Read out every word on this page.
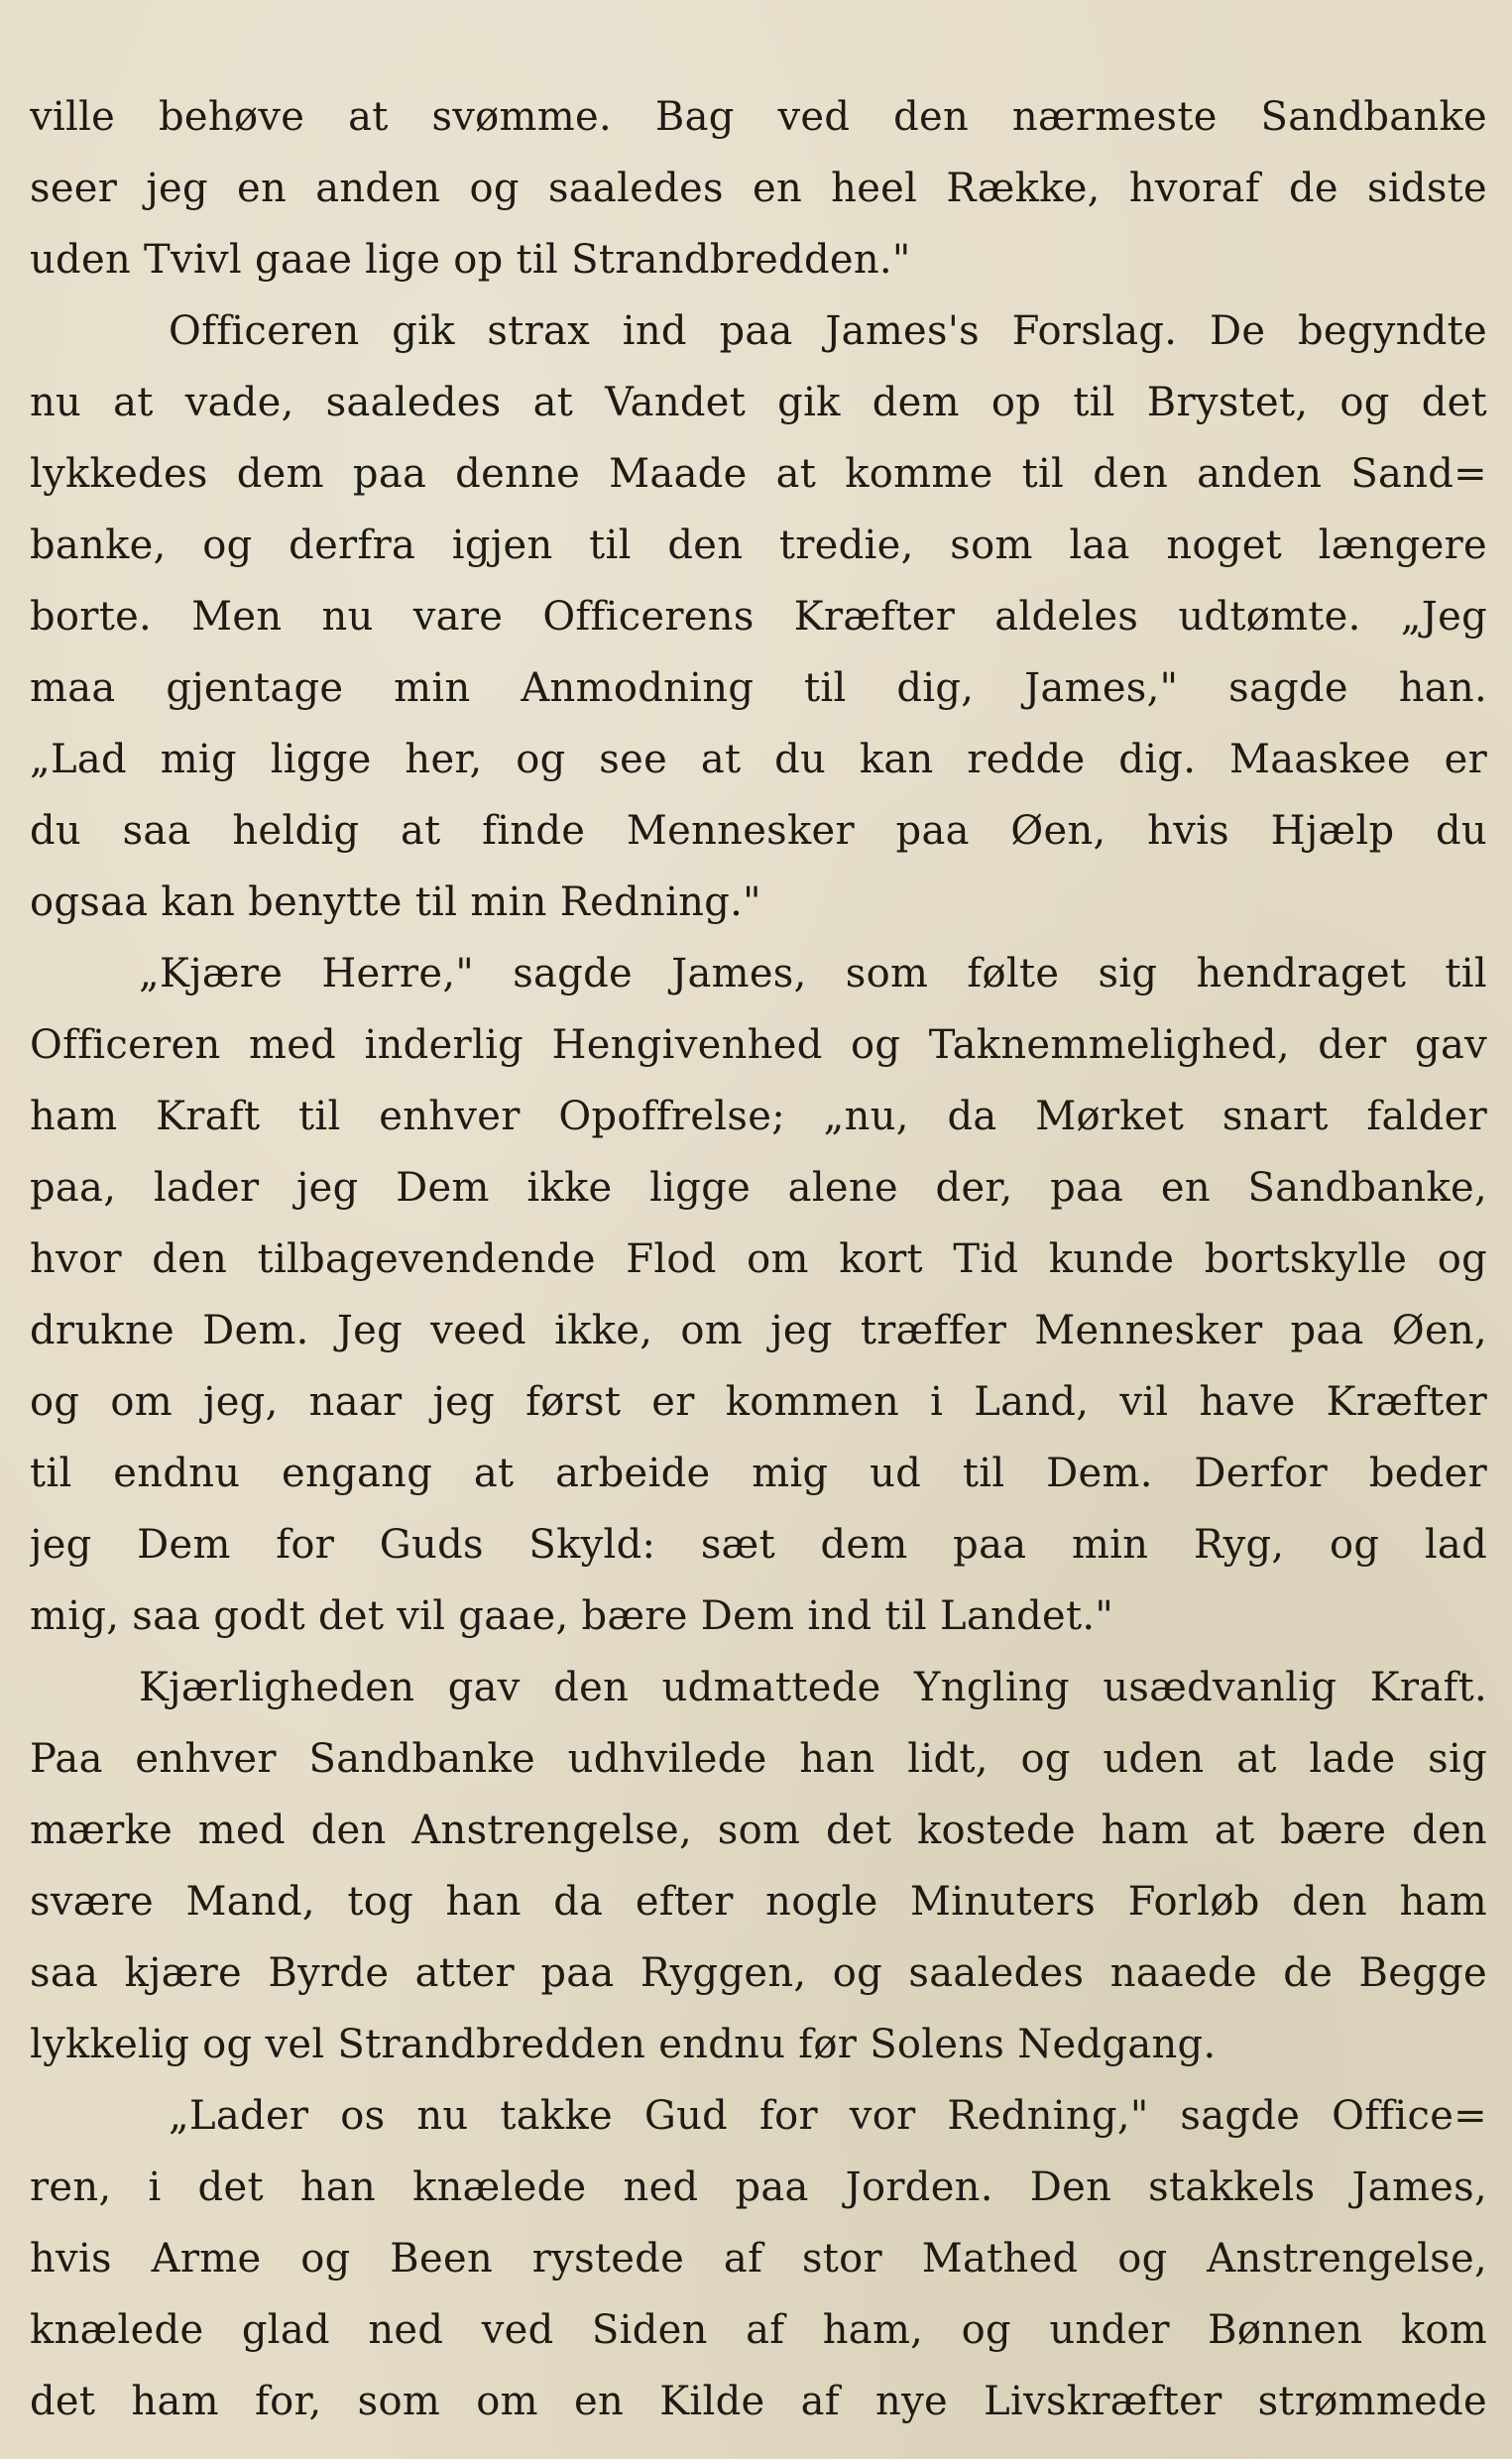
ville behøve at svømme. Bag ved den nærmeste Sandbanke
seer jeg en anden og saaledes en heel Række, hvoraf de sidste
uden Tvivl gaae lige op til Strandbredden."
Officeren gik strax ind paa James's Forslag. De begyndte
nu at vade, saaledes at Vandet gik dem op til Brystet, og det
lykkedes dem paa denne Maade at komme til den anden Sand=
banke, og derfra igjen til den tredie, som laa noget længere
borte. Men nu vare Officerens Kræfter aldeles udtømte. „Jeg
maa gjentage min Anmodning til dig, James," sagde han.
„Lad mig ligge her, og see at du kan redde dig. Maaskee er
du saa heldig at finde Mennesker paa Øen, hvis Hjælp du
ogsaa kan benytte til min Redning."
„Kjære Herre," sagde James, som følte sig hendraget til
Officeren med inderlig Hengivenhed og Taknemmelighed, der gav
ham Kraft til enhver Opoffrelse; „nu, da Mørket snart falder
paa, lader jeg Dem ikke ligge alene der, paa en Sandbanke,
hvor den tilbagevendende Flod om kort Tid kunde bortskylle og
drukne Dem. Jeg veed ikke, om jeg træffer Mennesker paa Øen,
og om jeg, naar jeg først er kommen i Land, vil have Kræfter
til endnu engang at arbeide mig ud til Dem. Derfor beder
jeg Dem for Guds Skyld: sæt dem paa min Ryg, og lad
mig, saa godt det vil gaae, bære Dem ind til Landet."
Kjærligheden gav den udmattede Yngling usædvanlig Kraft.
Paa enhver Sandbanke udhvilede han lidt, og uden at lade sig
mærke med den Anstrengelse, som det kostede ham at bære den
svære Mand, tog han da efter nogle Minuters Forløb den ham
saa kjære Byrde atter paa Ryggen, og saaledes naaede de Begge
lykkelig og vel Strandbredden endnu før Solens Nedgang.
„Lader os nu takke Gud for vor Redning," sagde Office=
ren, i det han knælede ned paa Jorden. Den stakkels James,
hvis Arme og Been rystede af stor Mathed og Anstrengelse,
knælede glad ned ved Siden af ham, og under Bønnen kom
det ham for, som om en Kilde af nye Livskræfter strømmede
